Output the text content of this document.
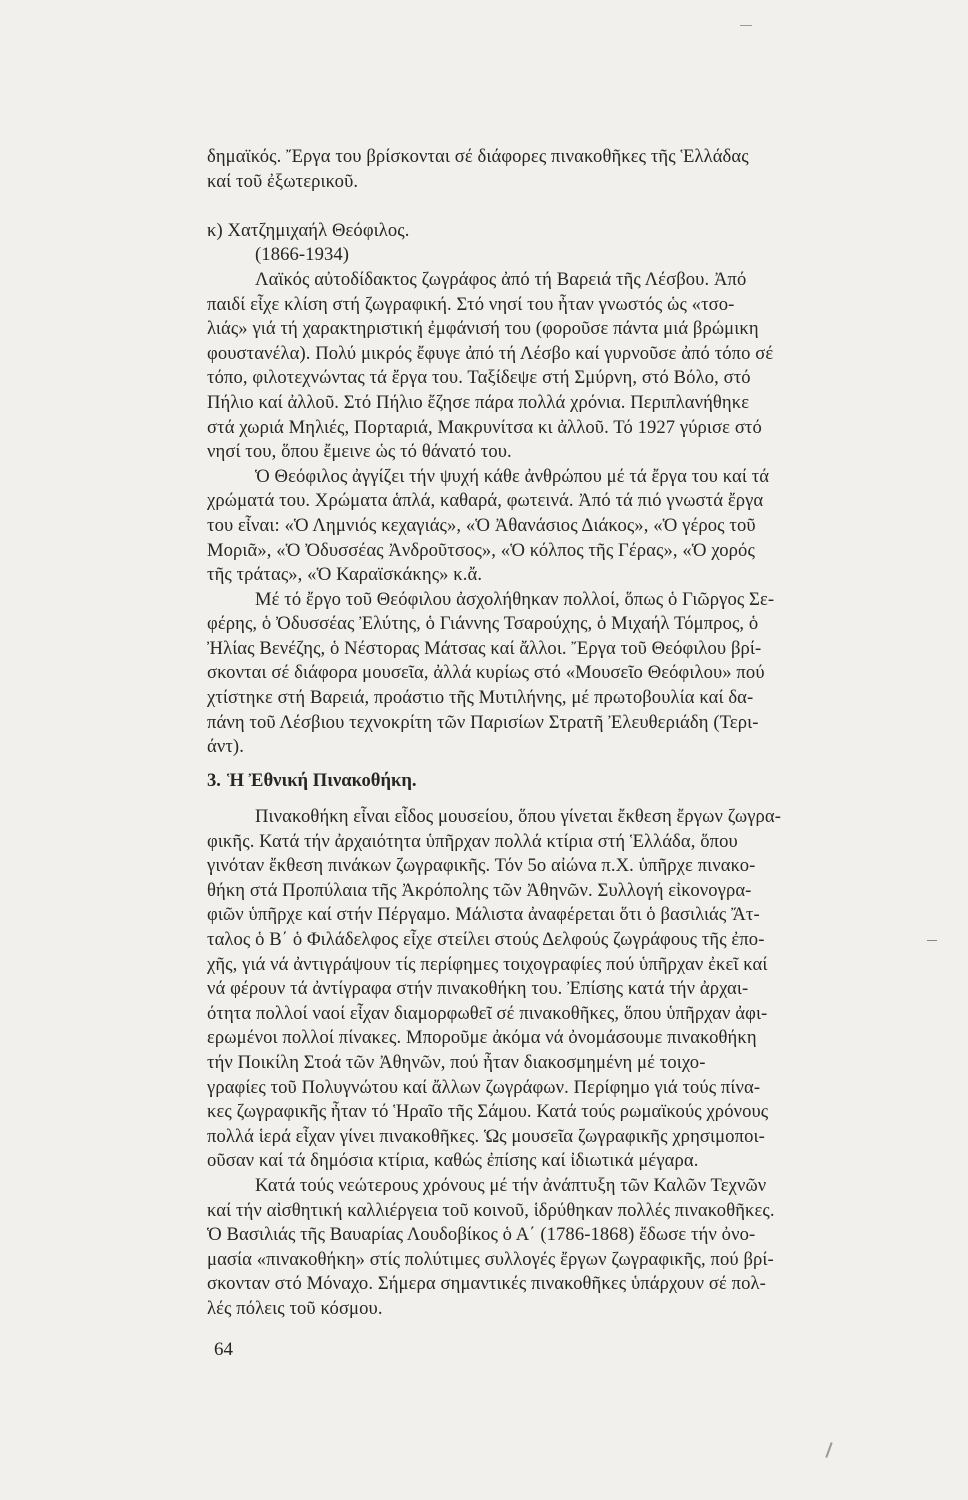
δημαϊκός. Ἔργα του βρίσκονται σέ διάφορες πινακοθῆκες τῆς Ἑλλάδας
καί τοῦ ἐξωτερικοῦ.
κ) Χατζημιχαήλ Θεόφιλος.
(1866-1934)
Λαϊκός αὐτοδίδακτος ζωγράφος ἀπό τή Βαρειά τῆς Λέσβου. Ἀπό
παιδί εἶχε κλίση στή ζωγραφική. Στό νησί του ἦταν γνωστός ὡς «τσο-
λιάς» γιά τή χαρακτηριστική ἐμφάνισή του (φοροῦσε πάντα μιά βρώμικη
φουστανέλα). Πολύ μικρός ἔφυγε ἀπό τή Λέσβο καί γυρνοῦσε ἀπό τόπο σέ
τόπο, φιλοτεχνώντας τά ἔργα του. Ταξίδεψε στή Σμύρνη, στό Βόλο, στό
Πήλιο καί ἀλλοῦ. Στό Πήλιο ἔζησε πάρα πολλά χρόνια. Περιπλανήθηκε
στά χωριά Μηλιές, Πορταριά, Μακρυνίτσα κι ἀλλοῦ. Τό 1927 γύρισε στό
νησί του, ὅπου ἔμεινε ὡς τό θάνατό του.
Ὁ Θεόφιλος ἀγγίζει τήν ψυχή κάθε ἀνθρώπου μέ τά ἔργα του καί τά
χρώματά του. Χρώματα ἁπλά, καθαρά, φωτεινά. Ἀπό τά πιό γνωστά ἔργα
του εἶναι: «Ὁ Λημνιός κεχαγιάς», «Ὁ Ἀθανάσιος Διάκος», «Ὁ γέρος τοῦ
Μοριᾶ», «Ὁ Ὀδυσσέας Ἀνδροῦτσος», «Ὁ κόλπος τῆς Γέρας», «Ὁ χορός
τῆς τράτας», «Ὁ Καραϊσκάκης» κ.ἄ.
Μέ τό ἔργο τοῦ Θεόφιλου ἀσχολήθηκαν πολλοί, ὅπως ὁ Γιῶργος Σε-
φέρης, ὁ Ὀδυσσέας Ἐλύτης, ὁ Γιάννης Τσαρούχης, ὁ Μιχαήλ Τόμπρος, ὁ
Ἠλίας Βενέζης, ὁ Νέστορας Μάτσας καί ἄλλοι. Ἔργα τοῦ Θεόφιλου βρί-
σκονται σέ διάφορα μουσεῖα, ἀλλά κυρίως στό «Μουσεῖο Θεόφιλου» πού
χτίστηκε στή Βαρειά, προάστιο τῆς Μυτιλήνης, μέ πρωτοβουλία καί δα-
πάνη τοῦ Λέσβιου τεχνοκρίτη τῶν Παρισίων Στρατῆ Ἐλευθεριάδη (Τερι-
άντ).
3. Ἡ Ἐθνική Πινακοθήκη.
Πινακοθήκη εἶναι εἶδος μουσείου, ὅπου γίνεται ἔκθεση ἔργων ζωγρα-
φικῆς. Κατά τήν ἀρχαιότητα ὑπῆρχαν πολλά κτίρια στή Ἑλλάδα, ὅπου
γινόταν ἔκθεση πινάκων ζωγραφικῆς. Τόν 5ο αἰώνα π.Χ. ὑπῆρχε πινακο-
θήκη στά Προπύλαια τῆς Ἀκρόπολης τῶν Ἀθηνῶν. Συλλογή εἰκονογρα-
φιῶν ὑπῆρχε καί στήν Πέργαμο. Μάλιστα ἀναφέρεται ὅτι ὁ βασιλιάς Ἄτ-
ταλος ὁ Β΄ ὁ Φιλάδελφος εἶχε στείλει στούς Δελφούς ζωγράφους τῆς ἐπο-
χῆς, γιά νά ἀντιγράψουν τίς περίφημες τοιχογραφίες πού ὑπῆρχαν ἐκεῖ καί
νά φέρουν τά ἀντίγραφα στήν πινακοθήκη του. Ἐπίσης κατά τήν ἀρχαι-
ότητα πολλοί ναοί εἶχαν διαμορφωθεῖ σέ πινακοθῆκες, ὅπου ὑπῆρχαν ἀφι-
ερωμένοι πολλοί πίνακες. Μποροῦμε ἀκόμα νά ὀνομάσουμε πινακοθήκη
τήν Ποικίλη Στοά τῶν Ἀθηνῶν, πού ἦταν διακοσμημένη μέ τοιχο-
γραφίες τοῦ Πολυγνώτου καί ἄλλων ζωγράφων. Περίφημο γιά τούς πίνα-
κες ζωγραφικῆς ἦταν τό Ἡραῖο τῆς Σάμου. Κατά τούς ρωμαϊκούς χρόνους
πολλά ἱερά εἶχαν γίνει πινακοθῆκες. Ὡς μουσεῖα ζωγραφικῆς χρησιμοποι-
οῦσαν καί τά δημόσια κτίρια, καθώς ἐπίσης καί ἰδιωτικά μέγαρα.
Κατά τούς νεώτερους χρόνους μέ τήν ἀνάπτυξη τῶν Καλῶν Τεχνῶν
καί τήν αἰσθητική καλλιέργεια τοῦ κοινοῦ, ἱδρύθηκαν πολλές πινακοθῆκες.
Ὁ Βασιλιάς τῆς Βαυαρίας Λουδοβίκος ὁ Α΄ (1786-1868) ἔδωσε τήν ὀνο-
μασία «πινακοθήκη» στίς πολύτιμες συλλογές ἔργων ζωγραφικῆς, πού βρί-
σκονταν στό Μόναχο. Σήμερα σημαντικές πινακοθῆκες ὑπάρχουν σέ πολ-
λές πόλεις τοῦ κόσμου.
64
